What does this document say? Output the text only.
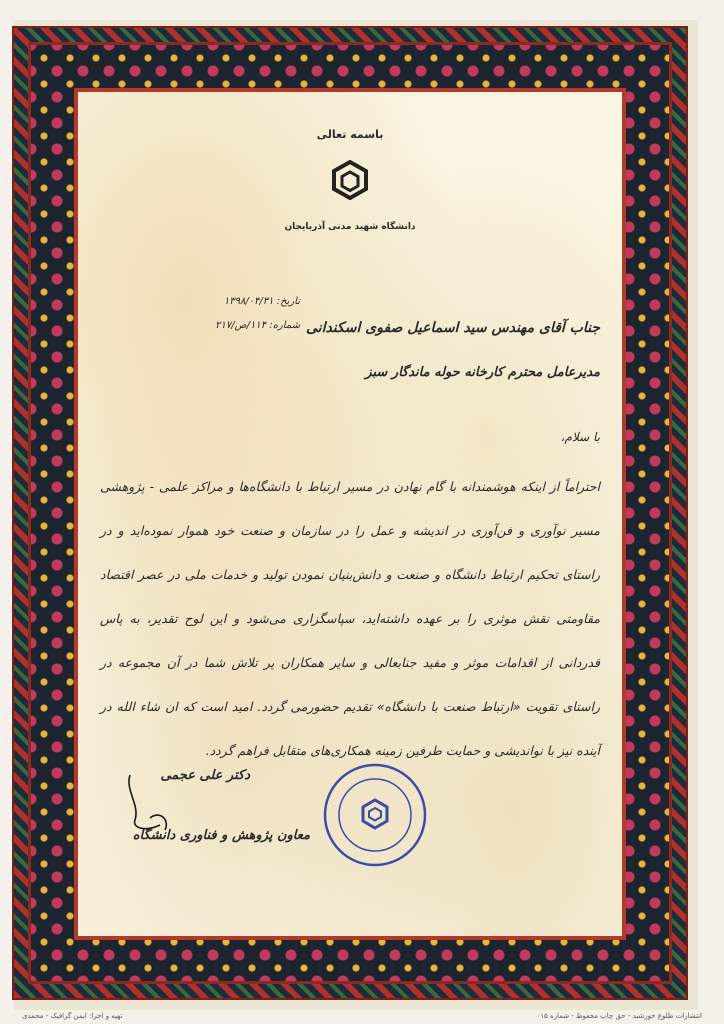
باسمه تعالی
دانشگاه شهید مدنی آذربایجان
تاریخ: ۱۳۹۸/۰۴/۳۱
شماره: ۱۱۴/ص/۲۱۷ جناب آقای مهندس سید اسماعیل صفوی اسکندانی
مدیرعامل محترم کارخانه حوله ماندگار سبز
با سلام،
احتراماً از اینکه هوشمندانه با گام نهادن در مسیر ارتباط با دانشگاه‌ها و مراکز علمی - پژوهشی مسیر نوآوری و فن‌آوری در اندیشه و عمل را در سازمان و صنعت خود هموار نموده‌اید و در راستای تحکیم ارتباط دانشگاه و صنعت و دانش‌بنیان نمودن تولید و خدمات ملی در عصر اقتصاد مقاومتی نقش موثری را بر عهده داشته‌اید، سپاسگزاری می‌شود و این لوح تقدیر، به پاس قدردانی از اقدامات موثر و مفید جنابعالی و سایر همکاران پر تلاش شما در آن مجموعه در راستای تقویت «ارتباط صنعت با دانشگاه» تقدیم حضورمی گردد. امید است که ان شاء الله در آینده نیز با نواندیشی و حمایت طرفین زمینه همکاری‌های متقابل فراهم گردد.
دکتر علی عجمی
معاون پژوهش و فناوری دانشگاه
تهیه و اجرا: ایمن گرافیک - محمدی	انتشارات طلوع خورشید - حق چاپ محفوظ - شماره ۰۱۵
